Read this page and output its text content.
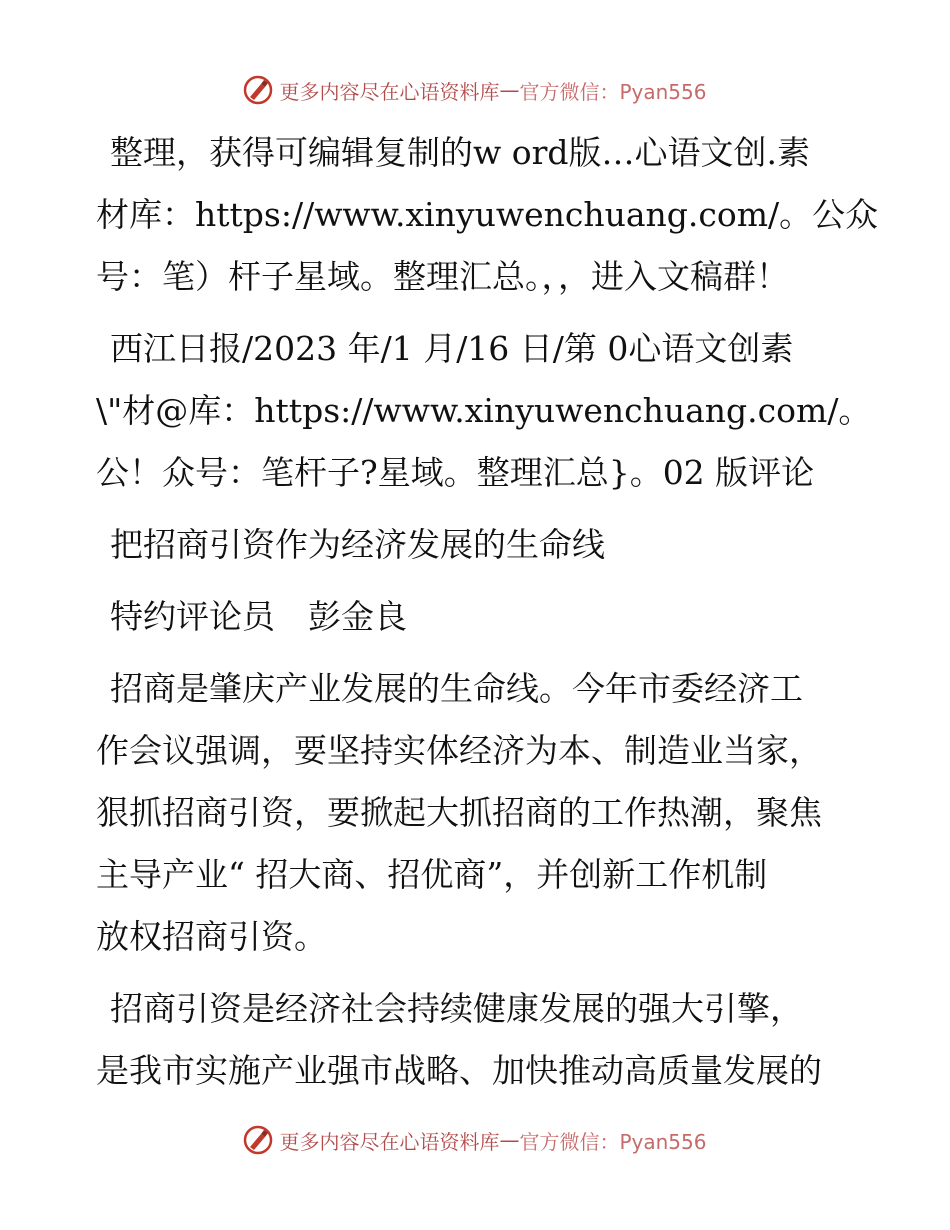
更多内容尽在心语资料库 — 官方微信：Pyan556

整理，获得可编辑复制的w ord版…心语文创.素
材库：https://www.xinyuwenchuang.com/。公众
号：笔）杆子星域。整理汇总。，，进入文稿群！

西江日报/2023 年/1 月/16 日/第 0心语文创素
\"材@库：https://www.xinyuwenchuang.com/。
公！众号：笔杆子?星域。整理汇总}。02 版评论

把招商引资作为经济发展的生命线

特约评论员　彭金良

招商是肇庆产业发展的生命线。今年市委经济工
作会议强调，要坚持实体经济为本、制造业当家，
狠抓招商引资，要掀起大抓招商的工作热潮，聚焦
主导产业“ 招大商、招优商”，并创新工作机制
放权招商引资。

招商引资是经济社会持续健康发展的强大引擎，
是我市实施产业强市战略、加快推动高质量发展的

更多内容尽在心语资料库 — 官方微信：Pyan556
